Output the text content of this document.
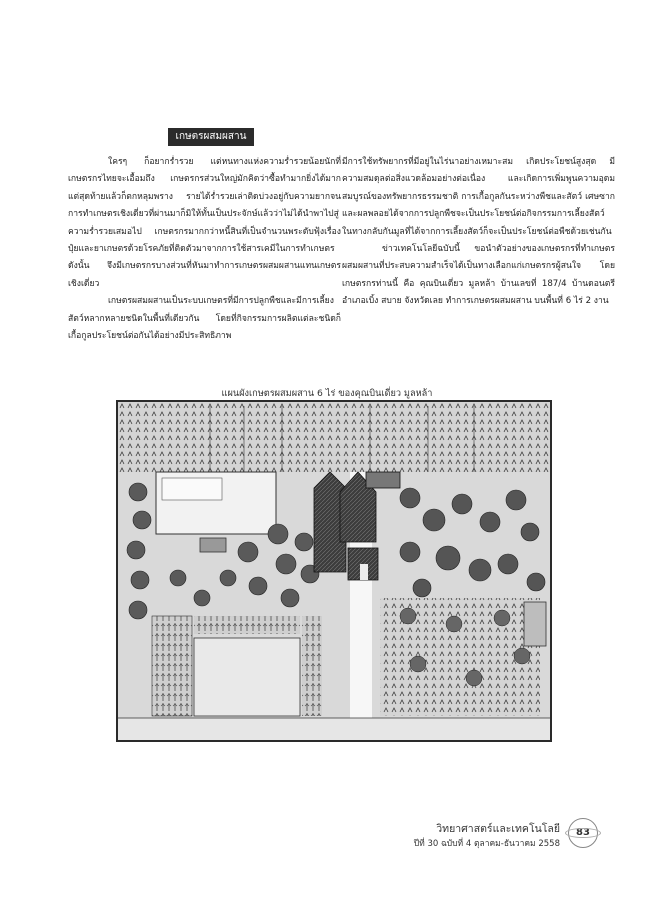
เกษตรผสมผสาน

ใครๆ ก็อยากร่ำรวย แต่หนทางแห่งความร่ำรวยน้อยนักที่เกษตรกรไทยจะเอื้อมถึง เกษตรกรส่วนใหญ่มักคิดว่าซื้อทำมากยิ่งได้มาก แต่สุดท้ายแล้วก็ตกหลุมพราง รายได้ร่ำรวยเล่าติดบ่วงอยู่กับความยากจน การทำเกษตรเชิงเดี่ยวที่ผ่านมาก็มิให้ทั้นเป็นประจักษ์แล้วว่าไม่ได้นำพาไปสู่ความร่ำรวยเสมอไป เกษตรกรมากกว่าหนี้สินที่เป็นจำนวนพระดับฟุ้งเรื่องปุ๋ยและยาเกษตรด้วยโรคภัยที่ติดตัวมาจากการใช้สารเคมีในการทำเกษตร ดังนั้น จึงมีเกษตรกรบางส่วนที่หันมาทำการเกษตรผสมผสานแทนเกษตรเชิงเดี่ยว

เกษตรผสมผสานเป็นระบบเกษตรที่มีการปลูกพืชและมีการเลี้ยงสัตว์หลากหลายชนิดในพื้นที่เดียวกัน โดยที่กิจกรรมการผลิตแต่ละชนิดก็เกื้อกูลประโยชน์ต่อกันได้อย่างมีประสิทธิภาพ

มีการใช้ทรัพยากรที่มีอยู่ในไร่นาอย่างเหมาะสม เกิดประโยชน์สูงสุด มีความสมดุลต่อสิ่งแวดล้อมอย่างต่อเนื่อง และเกิดการเพิ่มพูนความอุดมสมบูรณ์ของทรัพยากรธรรมชาติ การเกื้อกูลกันระหว่างพืชและสัตว์ เศษซากและผลพลอยได้จากการปลูกพืชจะเป็นประโยชน์ต่อกิจกรรมการเลี้ยงสัตว์ ในทางกลับกันมูลที่ได้จากการเลี้ยงสัตว์ก็จะเป็นประโยชน์ต่อพืชด้วยเช่นกัน

ข่าวเทคโนโลยีฉบับนี้ ขอนำตัวอย่างของเกษตรกรที่ทำเกษตรผสมผสานที่ประสบความสำเร็จได้เป็นทางเลือกแก่เกษตรกรผู้สนใจ โดยเกษตรกรท่านนี้ คือ คุณบินเดี่ยว มูลหล้า บ้านเลขที่ 187/4 บ้านดอนตรี อำเภอเบิ้ง สบาย จังหวัดเลย ทำการเกษตรผสมผสาน บนพื้นที่ 6 ไร่ 2 งาน

แผนผังเกษตรผสมผสาน 6 ไร่ ของคุณบินเดี่ยว มูลหล้า
วิทยาศาสตร์และเทคโนโลยี
ปีที่ 30 ฉบับที่ 4 ตุลาคม-ธันวาคม 2558
83
